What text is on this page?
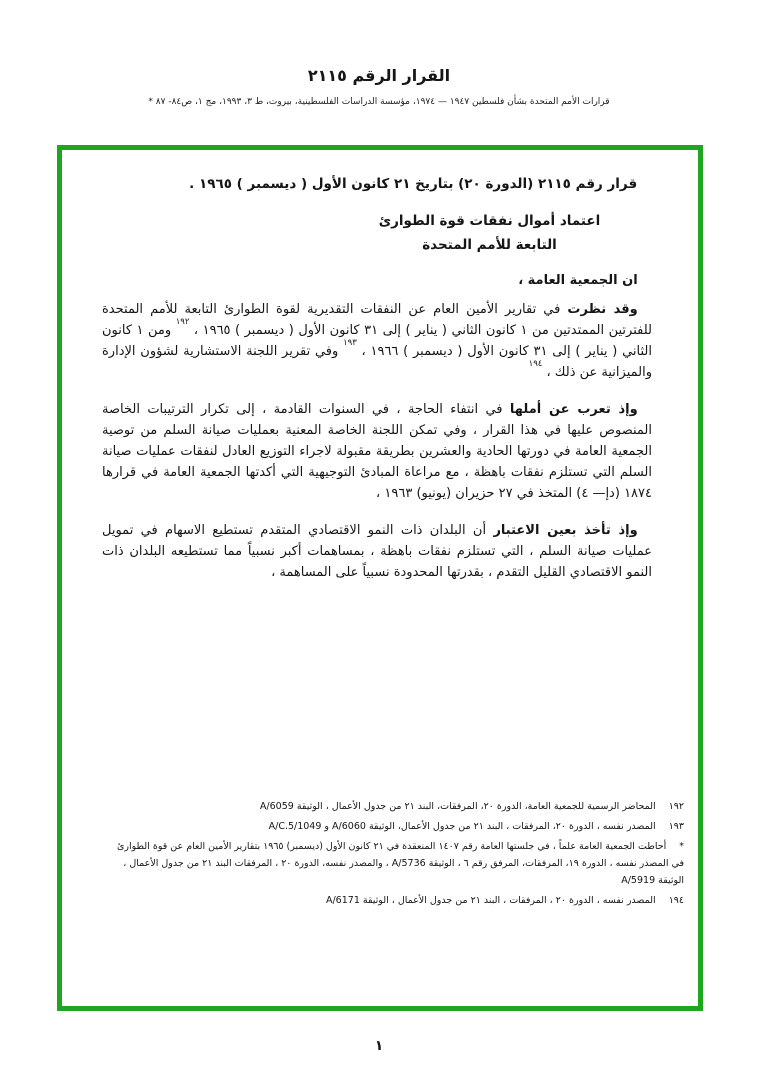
القرار الرقم ٢١١٥

قرارات الأمم المتحدة بشأن فلسطين ١٩٤٧ — ١٩٧٤، مؤسسة الدراسات الفلسطينية، بيروت، ط ٣، ١٩٩٣، مج ١، ص٨٤- ٨٧ *

قرار رقم ٢١١٥ (الدورة ٢٠) بتاريخ ٢١ كانون الأول ( ديسمبر ) ١٩٦٥ .

اعتماد أموال نفقات قوة الطوارئ
التابعة للأمم المتحدة

ان الجمعية العامة ،

وقد نظرت في تقارير الأمين العام عن النفقات التقديرية لقوة الطوارئ التابعة للأمم المتحدة للفترتين الممتدتين من ١ كانون الثاني ( يناير ) إلى ٣١ كانون الأول ( ديسمبر ) ١٩٦٥ ، $^{١٩٢}$ ومن ١ كانون الثاني ( يناير ) إلى ٣١ كانون الأول ( ديسمبر ) ١٩٦٦ ، $^{١٩٣}$ وفي تقرير اللجنة الاستشارية لشؤون الإدارة والميزانية عن ذلك ، $^{١٩٤}$

وإذ تعرب عن أملها في انتفاء الحاجة ، في السنوات القادمة ، إلى تكرار الترتيبات الخاصة المنصوص عليها في هذا القرار ، وفي تمكن اللجنة الخاصة المعنية بعمليات صيانة السلم من توصية الجمعية العامة في دورتها الحادية والعشرين بطريقة مقبولة لاجراء التوزيع العادل لنفقات عمليات صيانة السلم التي تستلزم نفقات باهظة ، مع مراعاة المبادئ التوجيهية التي أكدتها الجمعية العامة في قرارها ١٨٧٤ (دإ— ٤) المتخذ في ٢٧ حزيران (يونيو) ١٩٦٣ ،

وإذ تأخذ بعين الاعتبار أن البلدان ذات النمو الاقتصادي المتقدم تستطيع الاسهام في تمويل عمليات صيانة السلم ، التي تستلزم نفقات باهظة ، بمساهمات أكبر نسبياً مما تستطيعه البلدان ذات النمو الاقتصادي القليل التقدم ، بقدرتها المحدودة نسبياً على المساهمة ،

١٩٢المحاضر الرسمية للجمعية العامة، الدورة ٢٠، المرفقات، البند ٢١ من جدول الأعمال ، الوثيقة A/6059
١٩٣المصدر نفسه ، الدورة ٢٠، المرفقات ، البند ٢١ من جدول الأعمال، الوثيقة A/6060 و A/C.5/1049
*أحاطت الجمعية العامة علماً ، في جلستها العامة رقم ١٤٠٧ المنعقدة في ٢١ كانون الأول (ديسمبر) ١٩٦٥ بتقارير الأمين العام عن قوة الطوارئ في المصدر نفسه ، الدورة ١٩، المرفقات، المرفق رقم ٦ ، الوثيقة A/5736 ، والمصدر نفسه، الدورة ٢٠ ، المرفقات البند ٢١ من جدول الأعمال ، الوثيقة A/5919
١٩٤المصدر نفسه ، الدورة ٢٠ ، المرفقات ، البند ٢١ من جدول الأعمال ، الوثيقة A/6171
١
